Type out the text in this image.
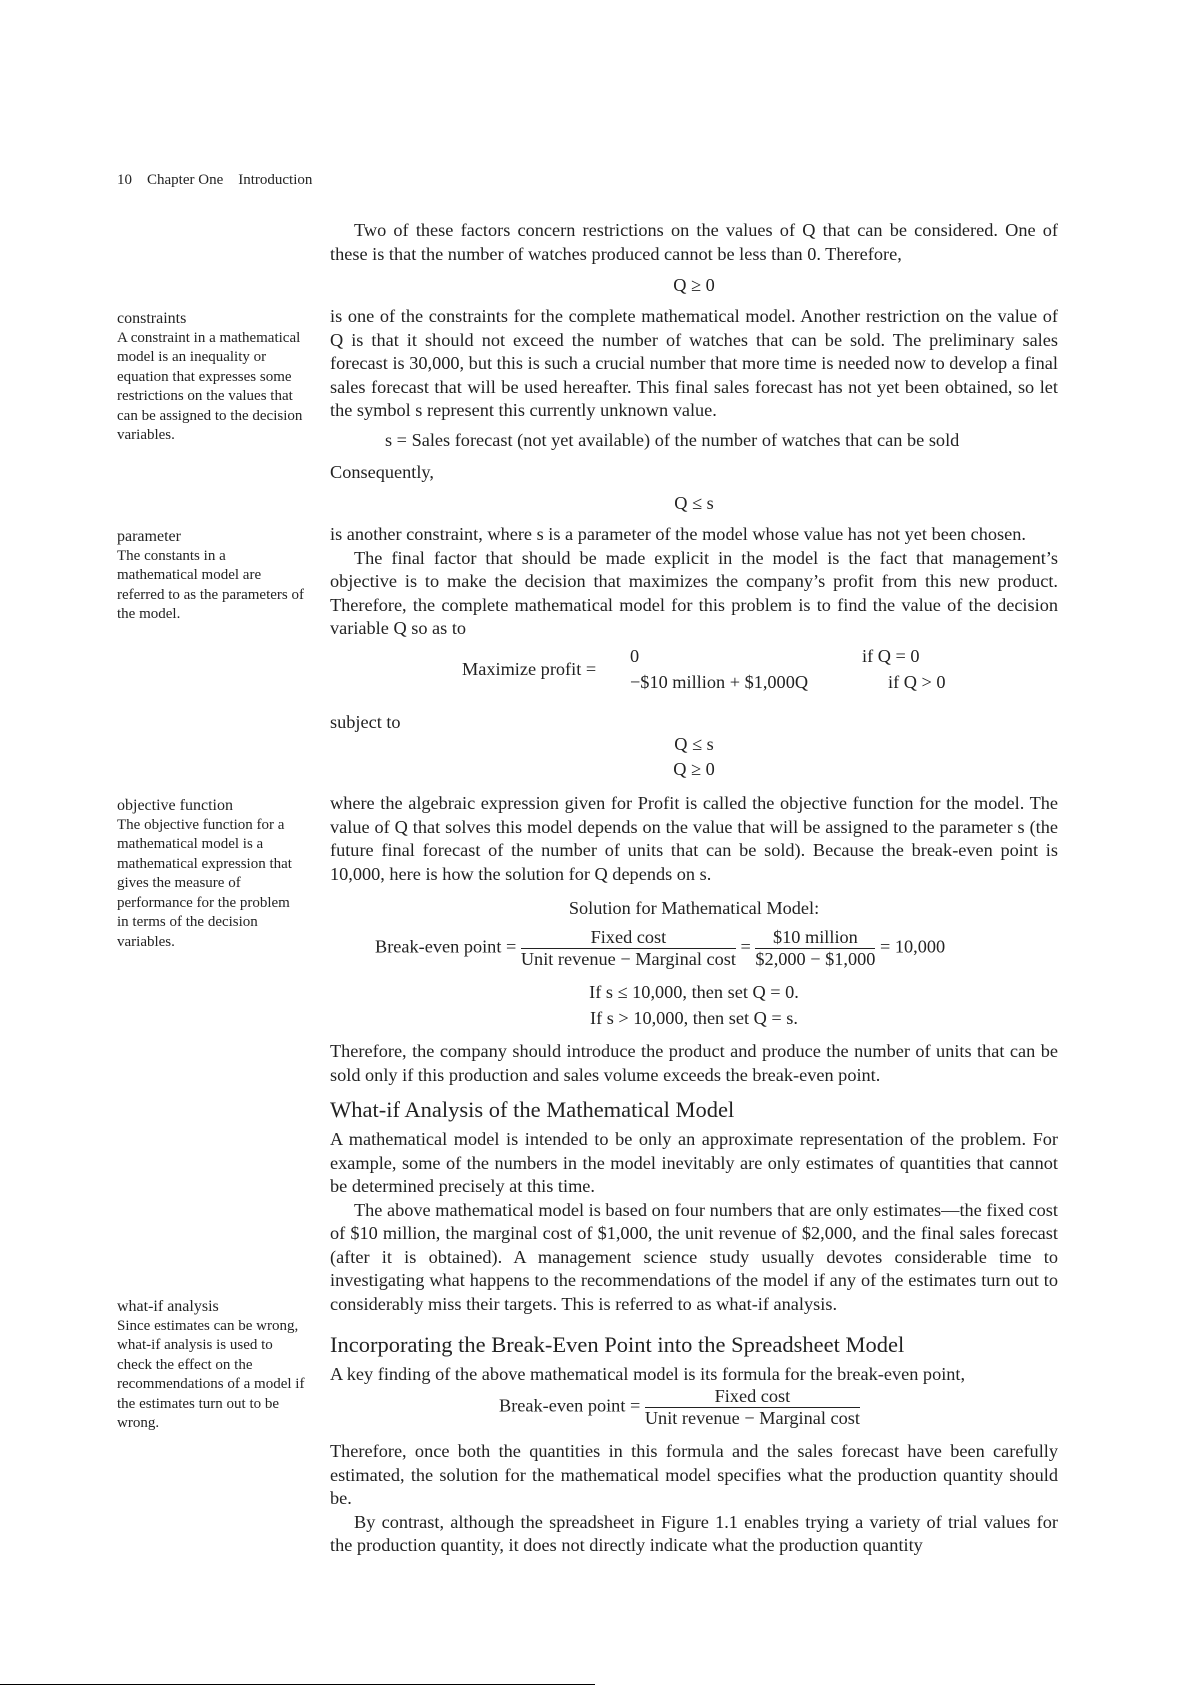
10 Chapter One Introduction
constraints
A constraint in a mathematical model is an inequality or equation that expresses some restrictions on the values that can be assigned to the decision variables.
parameter
The constants in a mathematical model are referred to as the parameters of the model.
objective function
The objective function for a mathematical model is a mathematical expression that gives the measure of performance for the problem in terms of the decision variables.
what-if analysis
Since estimates can be wrong, what-if analysis is used to check the effect on the recommendations of a model if the estimates turn out to be wrong.

Two of these factors concern restrictions on the values of Q that can be considered. One of these is that the number of watches produced cannot be less than 0. Therefore,

Q ≥ 0

is one of the constraints for the complete mathematical model. Another restriction on the value of Q is that it should not exceed the number of watches that can be sold. The preliminary sales forecast is 30,000, but this is such a crucial number that more time is needed now to develop a final sales forecast that will be used hereafter. This final sales forecast has not yet been obtained, so let the symbol s represent this currently unknown value.

s = Sales forecast (not yet available) of the number of watches that can be sold
Consequently,
Q ≤ s

is another constraint, where s is a parameter of the model whose value has not yet been chosen.

The final factor that should be made explicit in the model is the fact that management’s objective is to make the decision that maximizes the company’s profit from this new product. Therefore, the complete mathematical model for this problem is to find the value of the decision variable Q so as to

Maximize profit =
0	if Q = 0
−$10 million + $1,000Q	if Q > 0
subject to
Q ≤ s
Q ≥ 0

where the algebraic expression given for Profit is called the objective function for the model. The value of Q that solves this model depends on the value that will be assigned to the parameter s (the future final forecast of the number of units that can be sold). Because the break-even point is 10,000, here is how the solution for Q depends on s.

Solution for Mathematical Model:
Break-even point = $\frac{\text{Fixed cost}}{\text{Unit revenue − Marginal cost}} = \frac{\text{\$10 million}}{\$2,000 - \$1,000} = 10,000$
If s ≤ 10,000, then set Q = 0.
If s > 10,000, then set Q = s.

Therefore, the company should introduce the product and produce the number of units that can be sold only if this production and sales volume exceeds the break-even point.

What-if Analysis of the Mathematical Model

A mathematical model is intended to be only an approximate representation of the problem. For example, some of the numbers in the model inevitably are only estimates of quantities that cannot be determined precisely at this time.

The above mathematical model is based on four numbers that are only estimates—the fixed cost of $10 million, the marginal cost of $1,000, the unit revenue of $2,000, and the final sales forecast (after it is obtained). A management science study usually devotes considerable time to investigating what happens to the recommendations of the model if any of the estimates turn out to considerably miss their targets. This is referred to as what-if analysis.

Incorporating the Break-Even Point into the Spreadsheet Model

A key finding of the above mathematical model is its formula for the break-even point,

Break-even point = $\frac{\text{Fixed cost}}{\text{Unit revenue − Marginal cost}}$

Therefore, once both the quantities in this formula and the sales forecast have been carefully estimated, the solution for the mathematical model specifies what the production quantity should be.

By contrast, although the spreadsheet in Figure 1.1 enables trying a variety of trial values for the production quantity, it does not directly indicate what the production quantity
